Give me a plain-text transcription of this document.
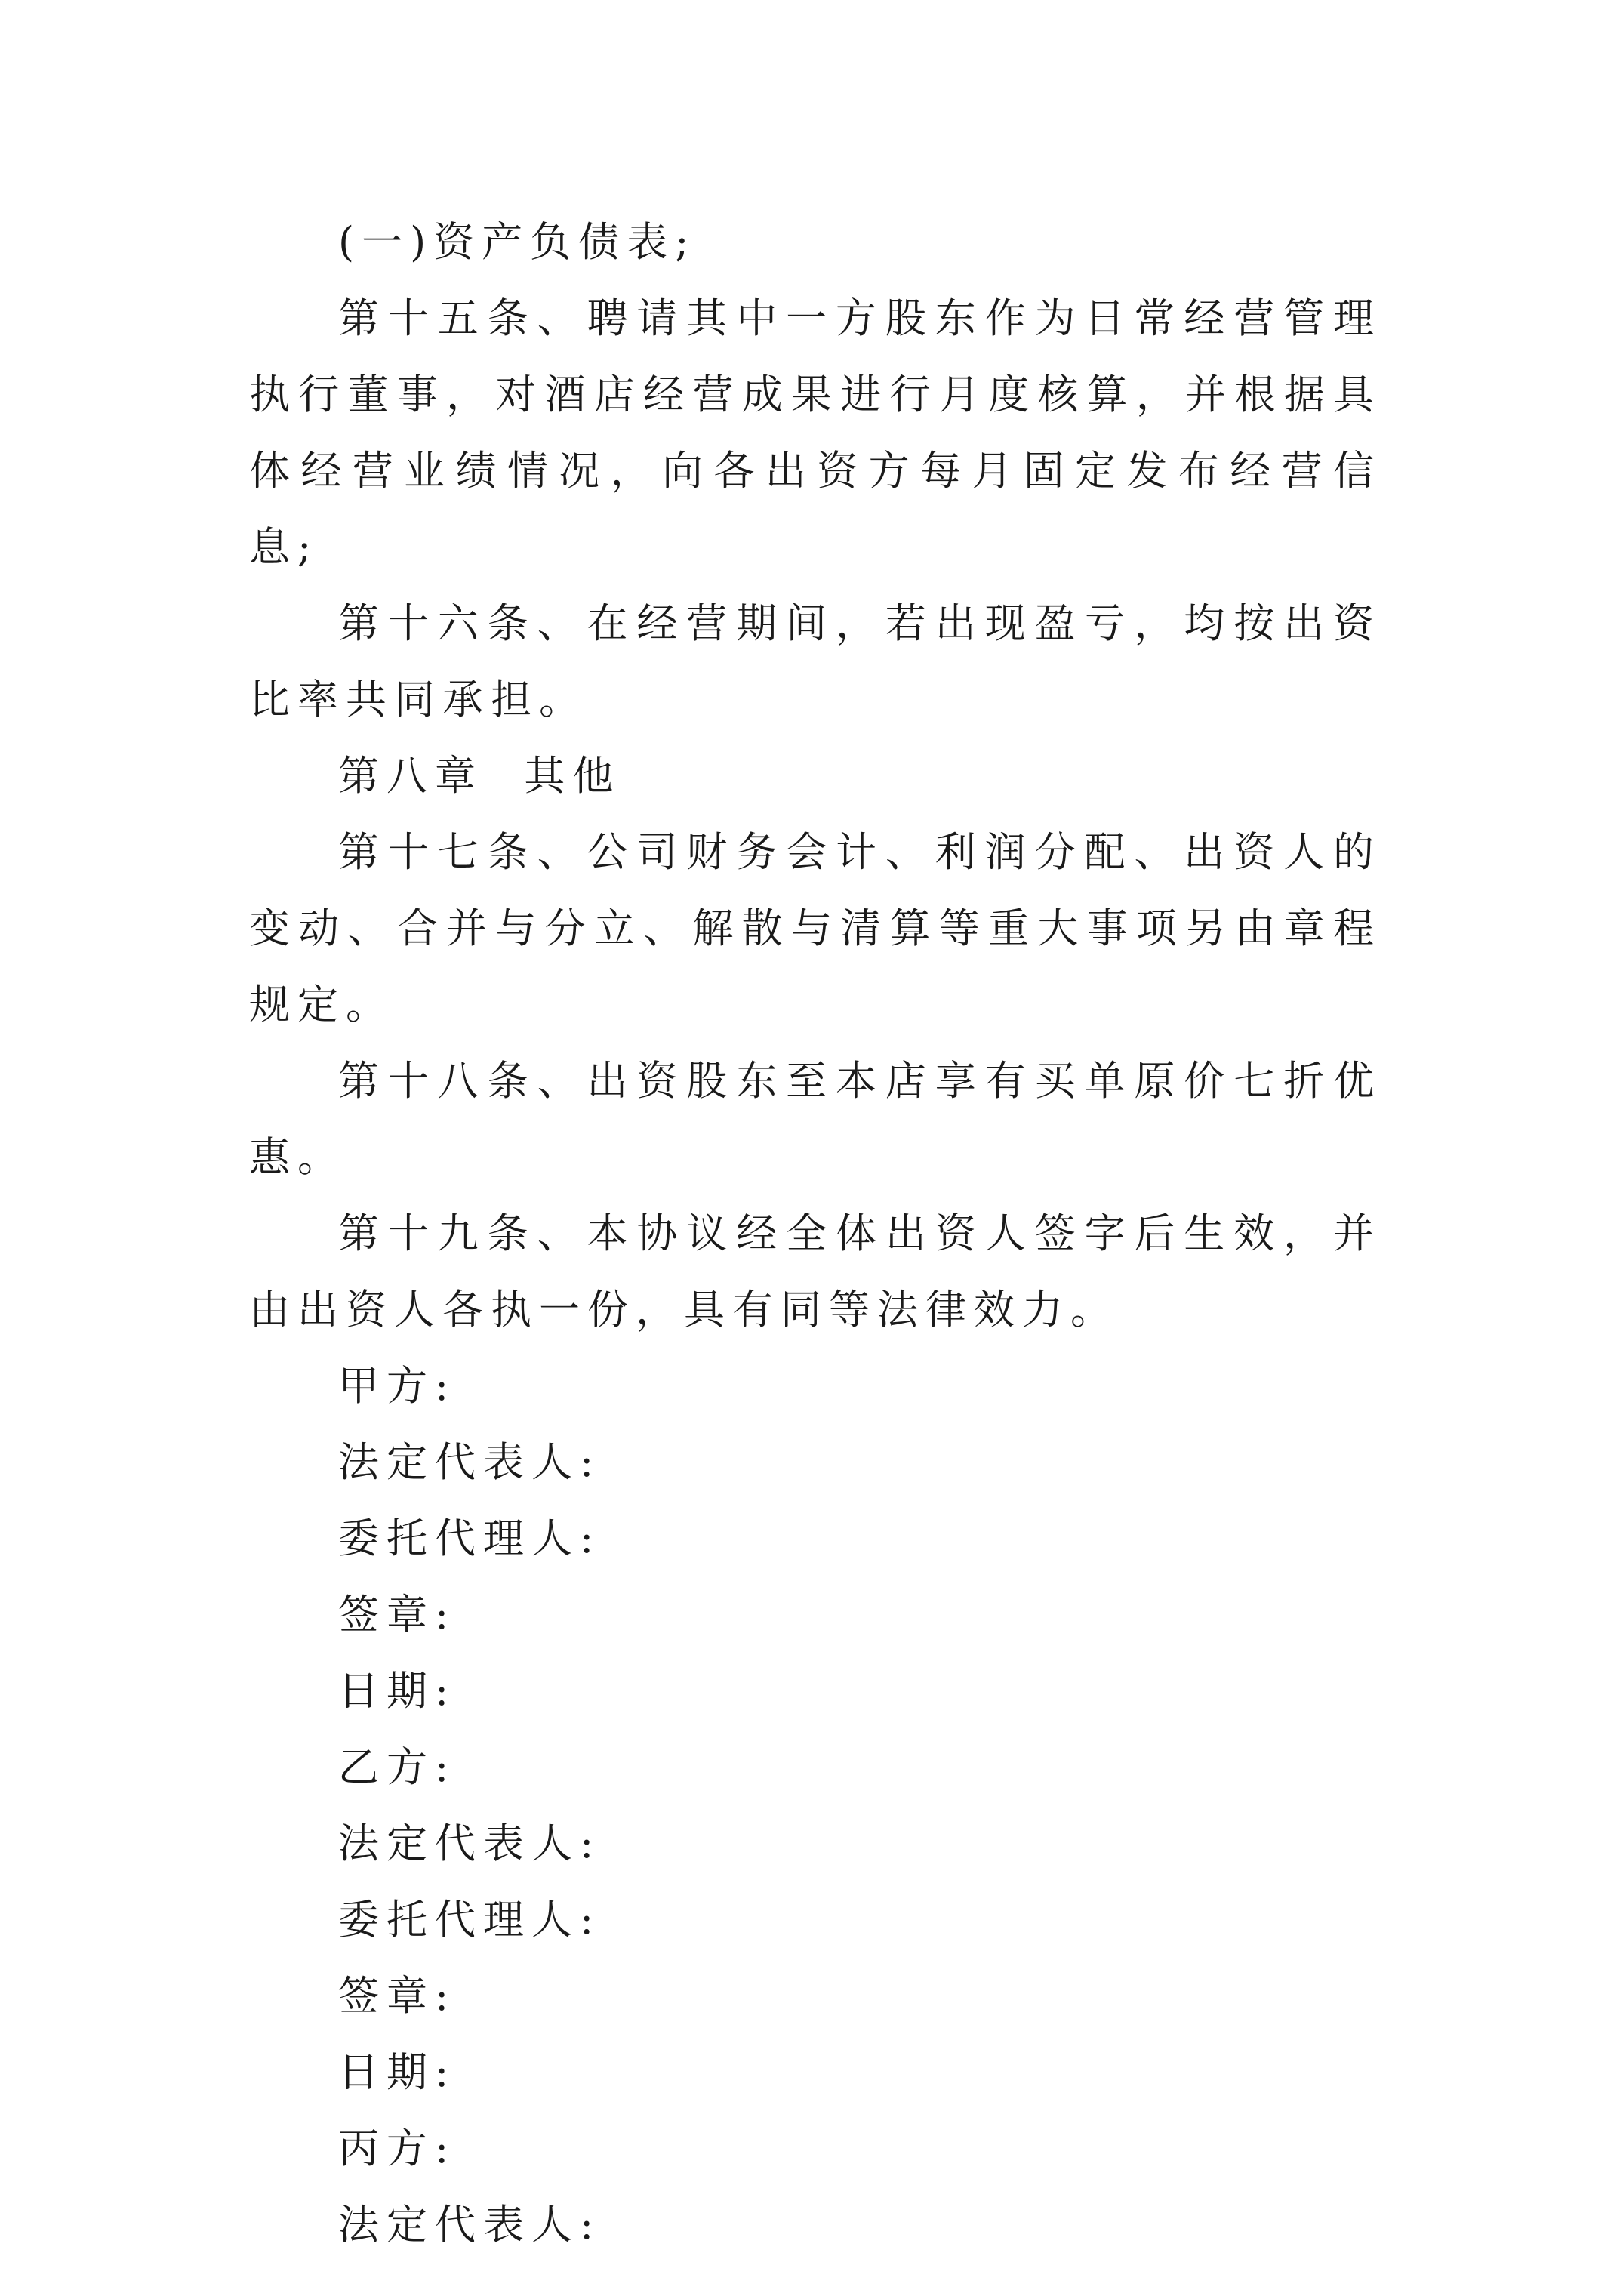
(一)资产负债表;

第十五条、聘请其中一方股东作为日常经营管理执行董事，对酒店经营成果进行月度核算，并根据具体经营业绩情况，向各出资方每月固定发布经营信息;

第十六条、在经营期间，若出现盈亏，均按出资比率共同承担。

第八章  其他

第十七条、公司财务会计、利润分配、出资人的变动、合并与分立、解散与清算等重大事项另由章程规定。

第十八条、出资股东至本店享有买单原价七折优惠。

第十九条、本协议经全体出资人签字后生效，并由出资人各执一份，具有同等法律效力。

甲方:

法定代表人:

委托代理人:

签章:

日期:

乙方:

法定代表人:

委托代理人:

签章:

日期:

丙方:

法定代表人:
